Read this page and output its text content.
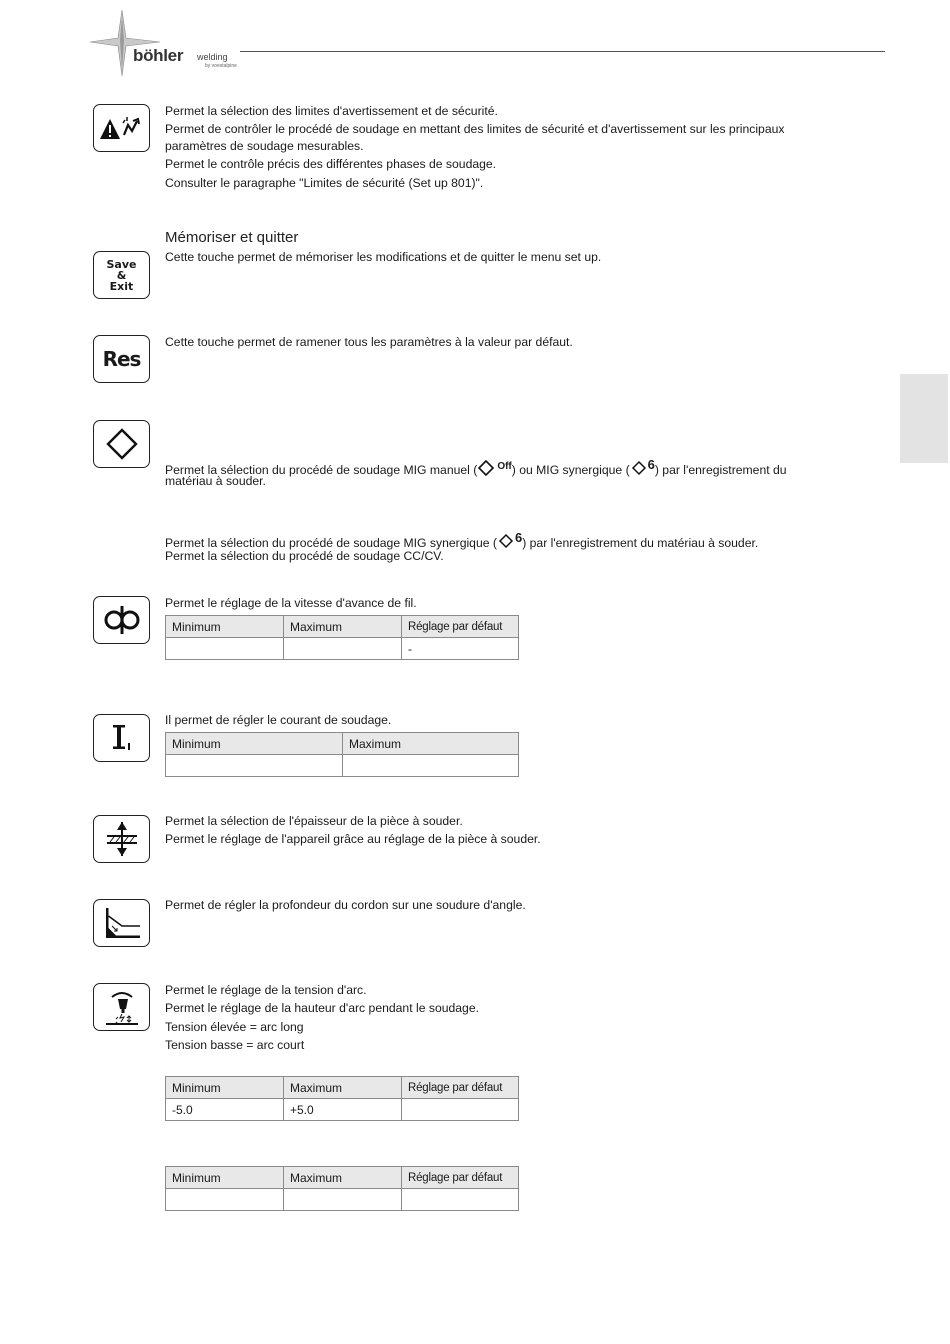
böhler welding
by voestalpine
Permet la sélection des limites d'avertissement et de sécurité.
Permet de contrôler le procédé de soudage en mettant des limites de sécurité et d'avertissement sur les principaux
paramètres de soudage mesurables.
Permet le contrôle précis des différentes phases de soudage.
Consulter le paragraphe "Limites de sécurité (Set up 801)".
Mémoriser et quitter
Save
&
Exit
Cette touche permet de mémoriser les modifications et de quitter le menu set up.
Res
Cette touche permet de ramener tous les paramètres à la valeur par défaut.
Permet la sélection du procédé de soudage MIG manuel ( $^{Off}$) ou MIG synergique ( $^6$) par l'enregistrement du
matériau à souder.
Permet la sélection du procédé de soudage MIG synergique ( $^6$) par l'enregistrement du matériau à souder.
Permet la sélection du procédé de soudage CC/CV.
Permet le réglage de la vitesse d'avance de fil.
Minimum	Maximum	Réglage par défaut
		-
Il permet de régler le courant de soudage.
Minimum	Maximum

Permet la sélection de l'épaisseur de la pièce à souder.
Permet le réglage de l'appareil grâce au réglage de la pièce à souder.
Permet de régler la profondeur du cordon sur une soudure d'angle.
Permet le réglage de la tension d'arc.
Permet le réglage de la hauteur d'arc pendant le soudage.
Tension élevée = arc long
Tension basse = arc court
Minimum	Maximum	Réglage par défaut
-5.0	+5.0	
Minimum	Maximum	Réglage par défaut
